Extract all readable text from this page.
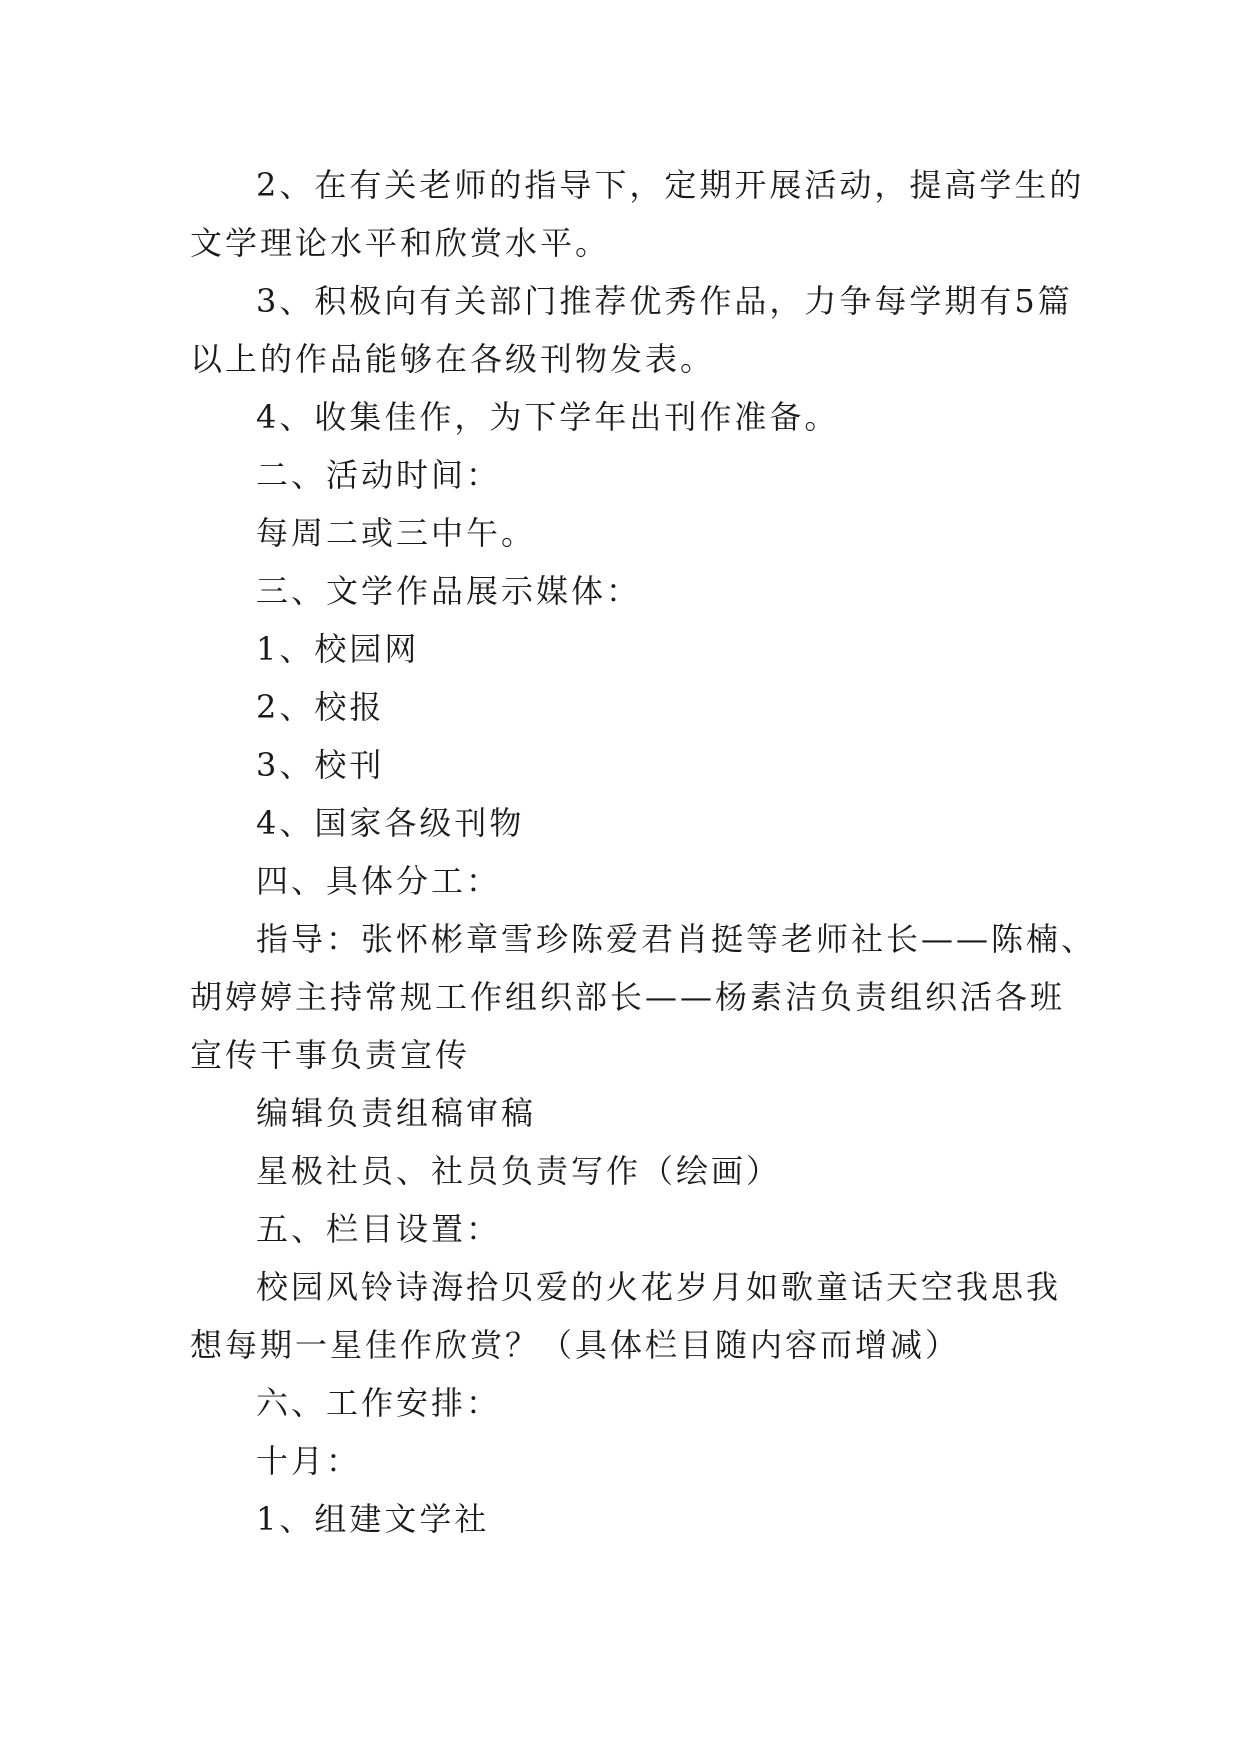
2、在有关老师的指导下，定期开展活动，提高学生的
文学理论水平和欣赏水平。
3、积极向有关部门推荐优秀作品，力争每学期有5篇
以上的作品能够在各级刊物发表。
4、收集佳作，为下学年出刊作准备。
二、活动时间：
每周二或三中午。
三、文学作品展示媒体：
1、校园网
2、校报
3、校刊
4、国家各级刊物
四、具体分工：
指导：张怀彬章雪珍陈爱君肖挺等老师社长——陈楠、
胡婷婷主持常规工作组织部长——杨素洁负责组织活各班
宣传干事负责宣传
编辑负责组稿审稿
星极社员、社员负责写作（绘画）
五、栏目设置：
校园风铃诗海拾贝爱的火花岁月如歌童话天空我思我
想每期一星佳作欣赏？（具体栏目随内容而增减）
六、工作安排：
十月：
1、组建文学社
